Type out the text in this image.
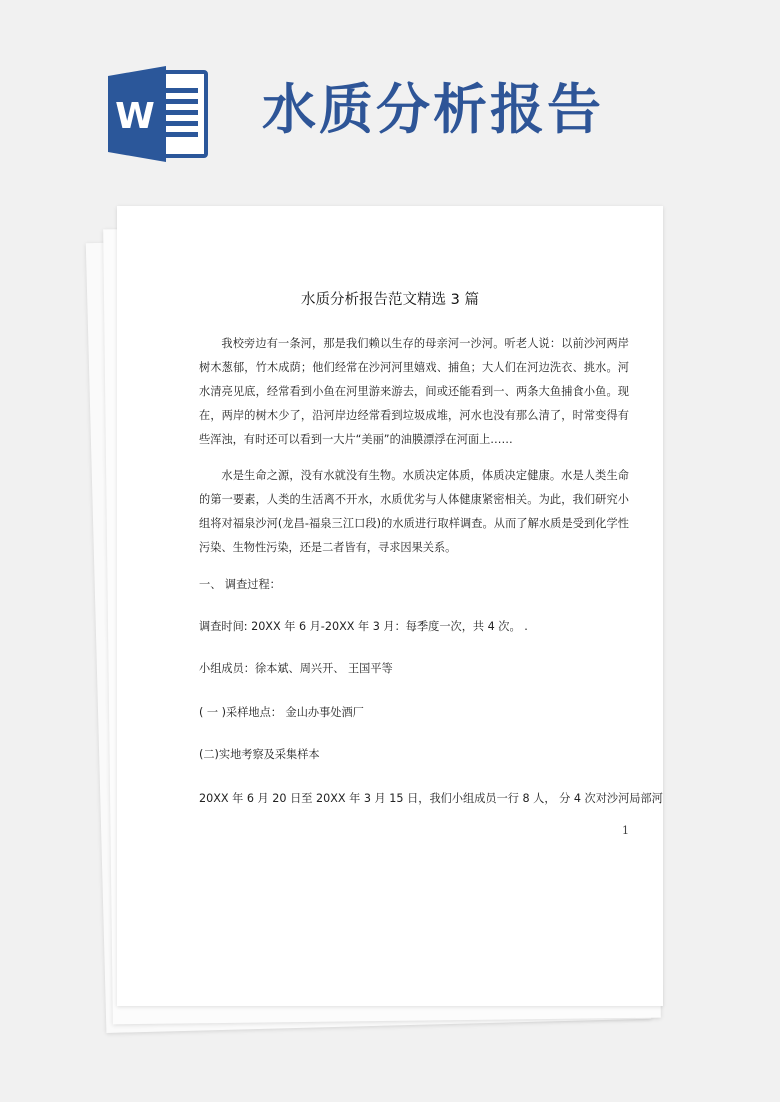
W 水质分析报告
水质分析报告范文精选 3 篇

我校旁边有一条河，那是我们赖以生存的母亲河一沙河。听老人说：以前沙河两岸树木葱郁，竹木成荫；他们经常在沙河河里嬉戏、捕鱼；大人们在河边洗衣、挑水。河水清亮见底，经常看到小鱼在河里游来游去，间或还能看到一、两条大鱼捕食小鱼。现在，两岸的树木少了，沿河岸边经常看到垃圾成堆，河水也没有那么清了，时常变得有些浑浊，有时还可以看到一大片“美丽”的油膜漂浮在河面上……

水是生命之源，没有水就没有生物。水质决定体质，体质决定健康。水是人类生命的第一要素，人类的生活离不开水，水质优劣与人体健康紧密相关。为此，我们研究小组将对福泉沙河(龙昌-福泉三江口段)的水质进行取样调查。从而了解水质是受到化学性污染、生物性污染，还是二者皆有，寻求因果关系。

一、 调查过程：

调查时间: 20XX 年 6 月-20XX 年 3 月：每季度一次，共 4 次。 .

小组成员：徐本斌、周兴开、 王国平等

( 一 )采样地点： 金山办事处酒厂

(二)实地考察及采集样本

20XX 年 6 月 20 日至 20XX 年 3 月 15 日，我们小组成员一行 8 人， 分 4 次对沙河局部河

1
